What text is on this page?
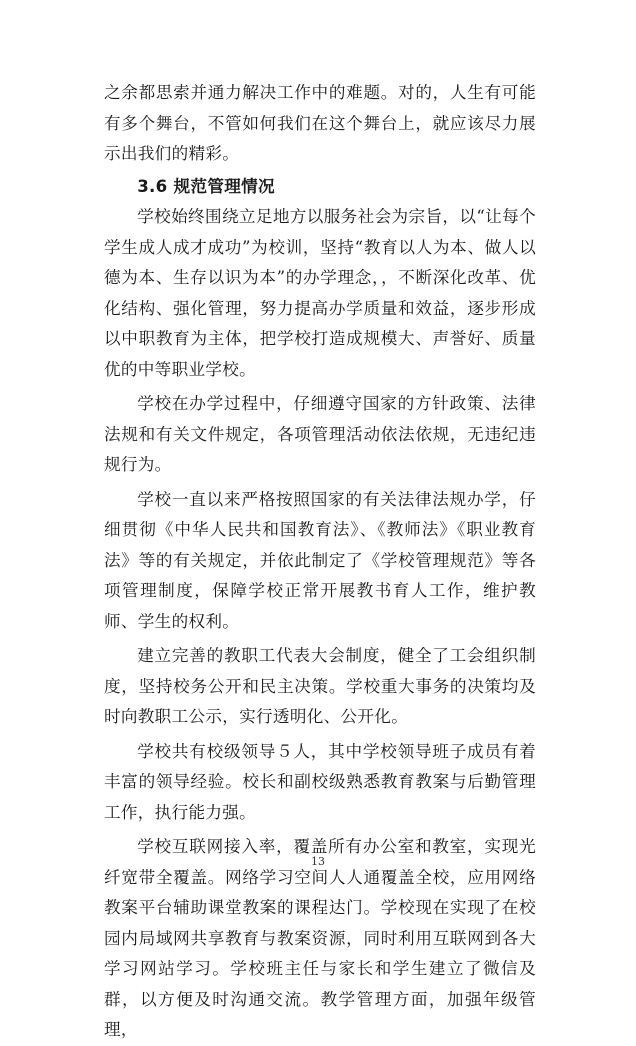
之余都思索并通力解决工作中的难题。对的，人生有可能有多个舞台，不管如何我们在这个舞台上，就应该尽力展示出我们的精彩。

3.6 规范管理情况

学校始终围绕立足地方以服务社会为宗旨，以“让每个学生成人成才成功”为校训，坚持“教育以人为本、做人以德为本、生存以识为本”的办学理念，，不断深化改革、优化结构、强化管理，努力提高办学质量和效益，逐步形成以中职教育为主体，把学校打造成规模大、声誉好、质量优的中等职业学校。

学校在办学过程中，仔细遵守国家的方针政策、法律法规和有关文件规定，各项管理活动依法依规，无违纪违规行为。

学校一直以来严格按照国家的有关法律法规办学，仔细贯彻《中华人民共和国教育法》、《教师法》《职业教育法》等的有关规定，并依此制定了《学校管理规范》等各项管理制度，保障学校正常开展教书育人工作，维护教师、学生的权利。

建立完善的教职工代表大会制度，健全了工会组织制度，坚持校务公开和民主决策。学校重大事务的决策均及时向教职工公示，实行透明化、公开化。

学校共有校级领导５人，其中学校领导班子成员有着丰富的领导经验。校长和副校级熟悉教育教案与后勤管理工作，执行能力强。

学校互联网接入率，覆盖所有办公室和教室，实现光纤宽带全覆盖。网络学习空间人人通覆盖全校，应用网络教案平台辅助课堂教案的课程达门。学校现在实现了在校园内局域网共享教育与教案资源，同时利用互联网到各大学习网站学习。学校班主任与家长和学生建立了微信及群，以方便及时沟通交流。教学管理方面，加强年级管理，

13
